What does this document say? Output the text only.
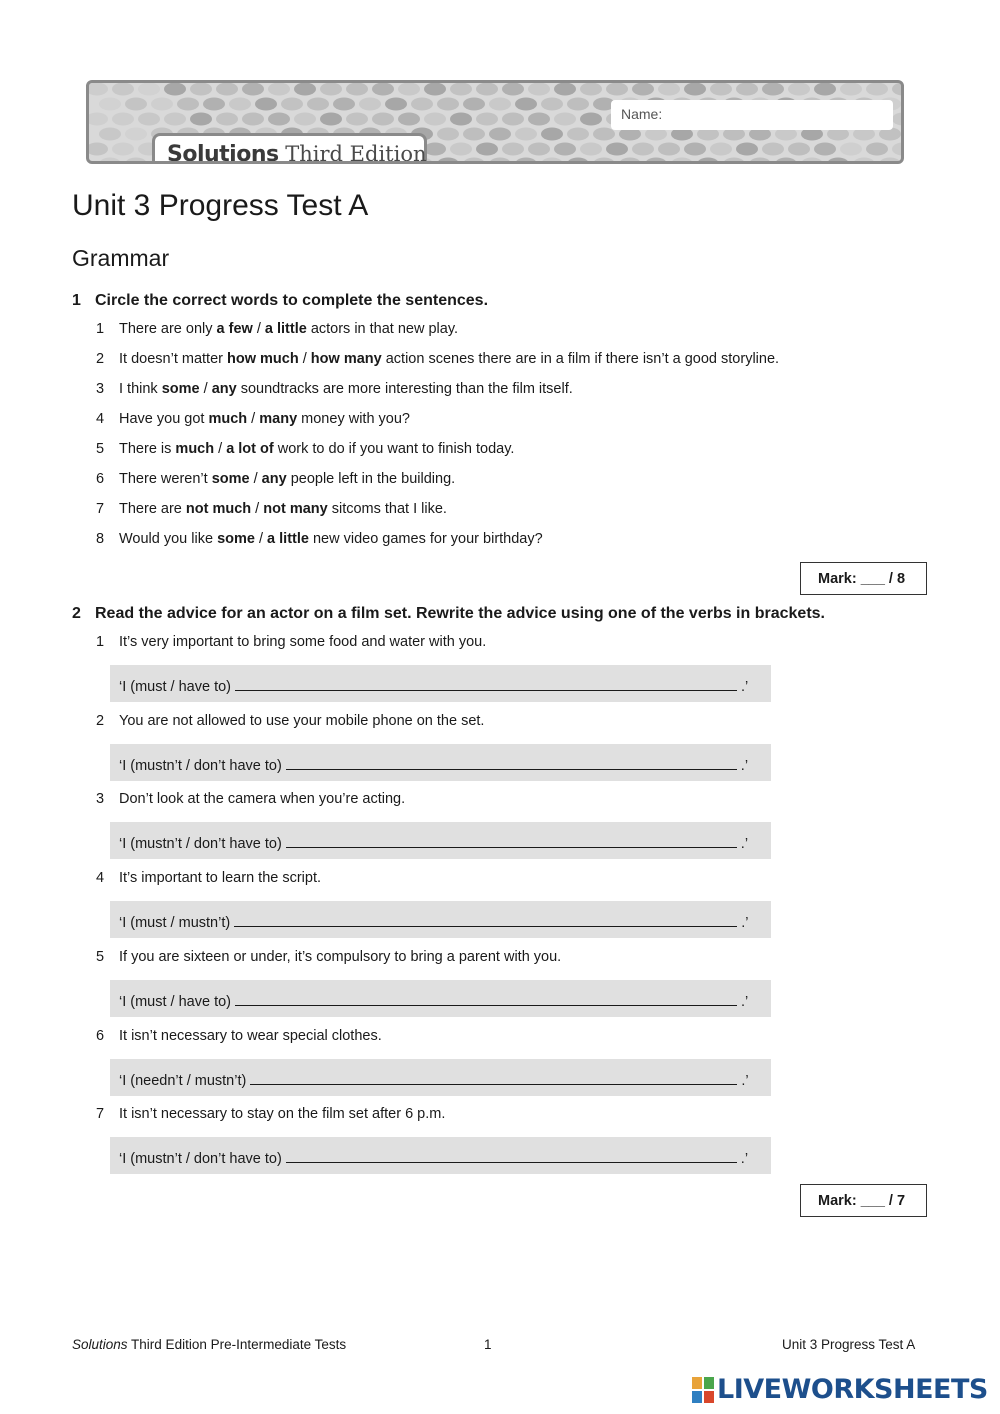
Name:
Solutions Third Edition
Unit 3 Progress Test A
Grammar
1 Circle the correct words to complete the sentences.
1 There are only a few / a little actors in that new play.
2 It doesn’t matter how much / how many action scenes there are in a film if there isn’t a good storyline.
3 I think some / any soundtracks are more interesting than the film itself.
4 Have you got much / many money with you?
5 There is much / a lot of work to do if you want to finish today.
6 There weren’t some / any people left in the building.
7 There are not much / not many sitcoms that I like.
8 Would you like some / a little new video games for your birthday?
Mark: ___ / 8
2 Read the advice for an actor on a film set. Rewrite the advice using one of the verbs in brackets.
1 It’s very important to bring some food and water with you.
‘I (must / have to)	.’
2 You are not allowed to use your mobile phone on the set.
‘I (mustn’t / don’t have to)	.’
3 Don’t look at the camera when you’re acting.
‘I (mustn’t / don’t have to)	.’
4 It’s important to learn the script.
‘I (must / mustn’t)	.’
5 If you are sixteen or under, it’s compulsory to bring a parent with you.
‘I (must / have to)	.’
6 It isn’t necessary to wear special clothes.
‘I (needn’t / mustn’t)	.’
7 It isn’t necessary to stay on the film set after 6 p.m.
‘I (mustn’t / don’t have to)	.’
Mark: ___ / 7
Solutions Third Edition Pre-Intermediate Tests	1	Unit 3 Progress Test A
LIVEWORKSHEETS
